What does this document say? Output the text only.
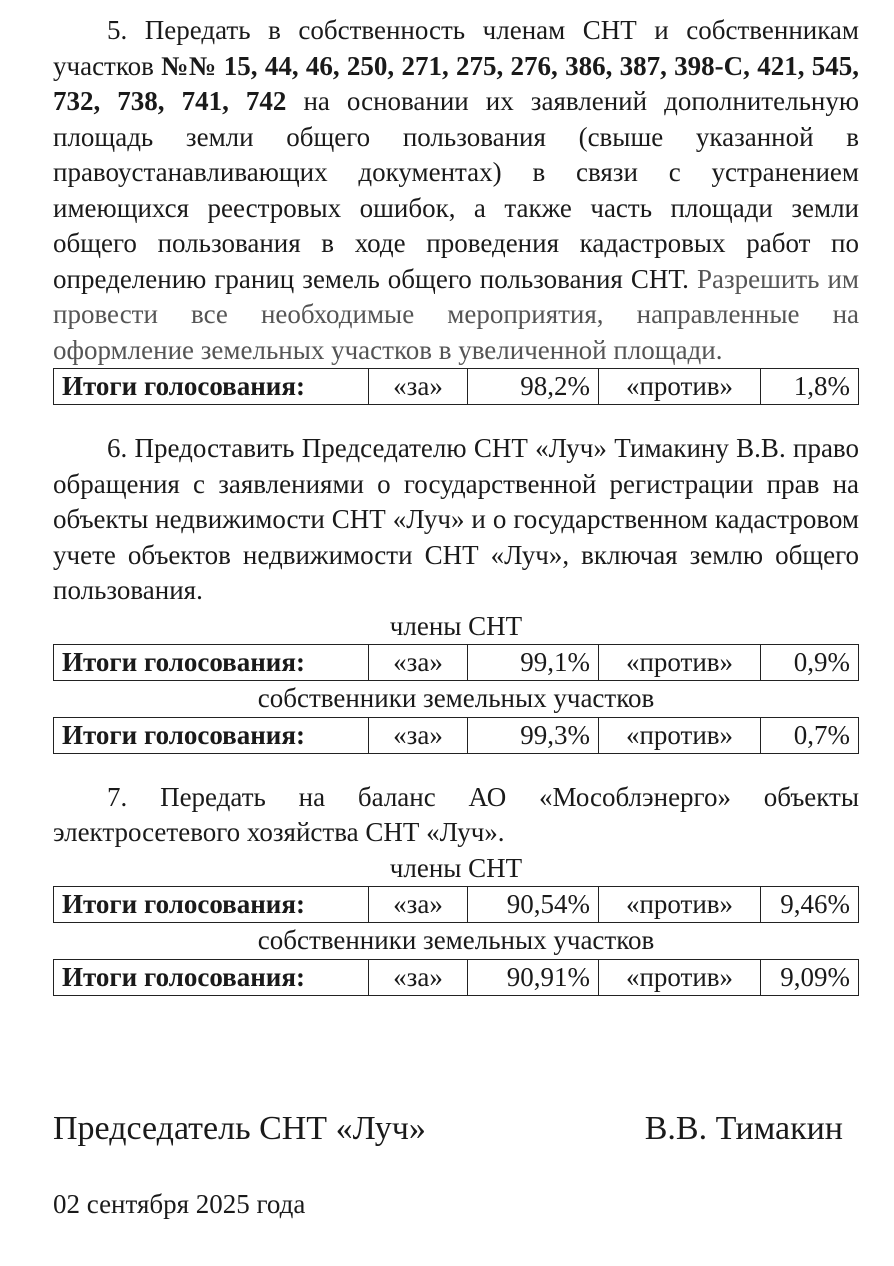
5. Передать в собственность членам СНТ и собственникам участков №№ 15, 44, 46, 250, 271, 275, 276, 386, 387, 398-С, 421, 545, 732, 738, 741, 742 на основании их заявлений дополнительную площадь земли общего пользования (свыше указанной в правоустанавливающих документах) в связи с устранением имеющихся реестровых ошибок, а также часть площади земли общего пользования в ходе проведения кадастровых работ по определению границ земель общего пользования СНТ. Разрешить им провести все необходимые мероприятия, направленные на оформление земельных участков в увеличенной площади.

Итоги голосования:	«за»	98,2%	«против»	1,8%

6. Предоставить Председателю СНТ «Луч» Тимакину В.В. право обращения с заявлениями о государственной регистрации прав на объекты недвижимости СНТ «Луч» и о государственном кадастровом учете объектов недвижимости СНТ «Луч», включая землю общего пользования.

члены СНТ

Итоги голосования:	«за»	99,1%	«против»	0,9%

собственники земельных участков

Итоги голосования:	«за»	99,3%	«против»	0,7%

7. Передать на баланс АО «Мособлэнерго» объекты электросетевого хозяйства СНТ «Луч».

члены СНТ

Итоги голосования:	«за»	90,54%	«против»	9,46%

собственники земельных участков

Итоги голосования:	«за»	90,91%	«против»	9,09%
Председатель СНТ «Луч»	В.В. Тимакин
02 сентября 2025 года
